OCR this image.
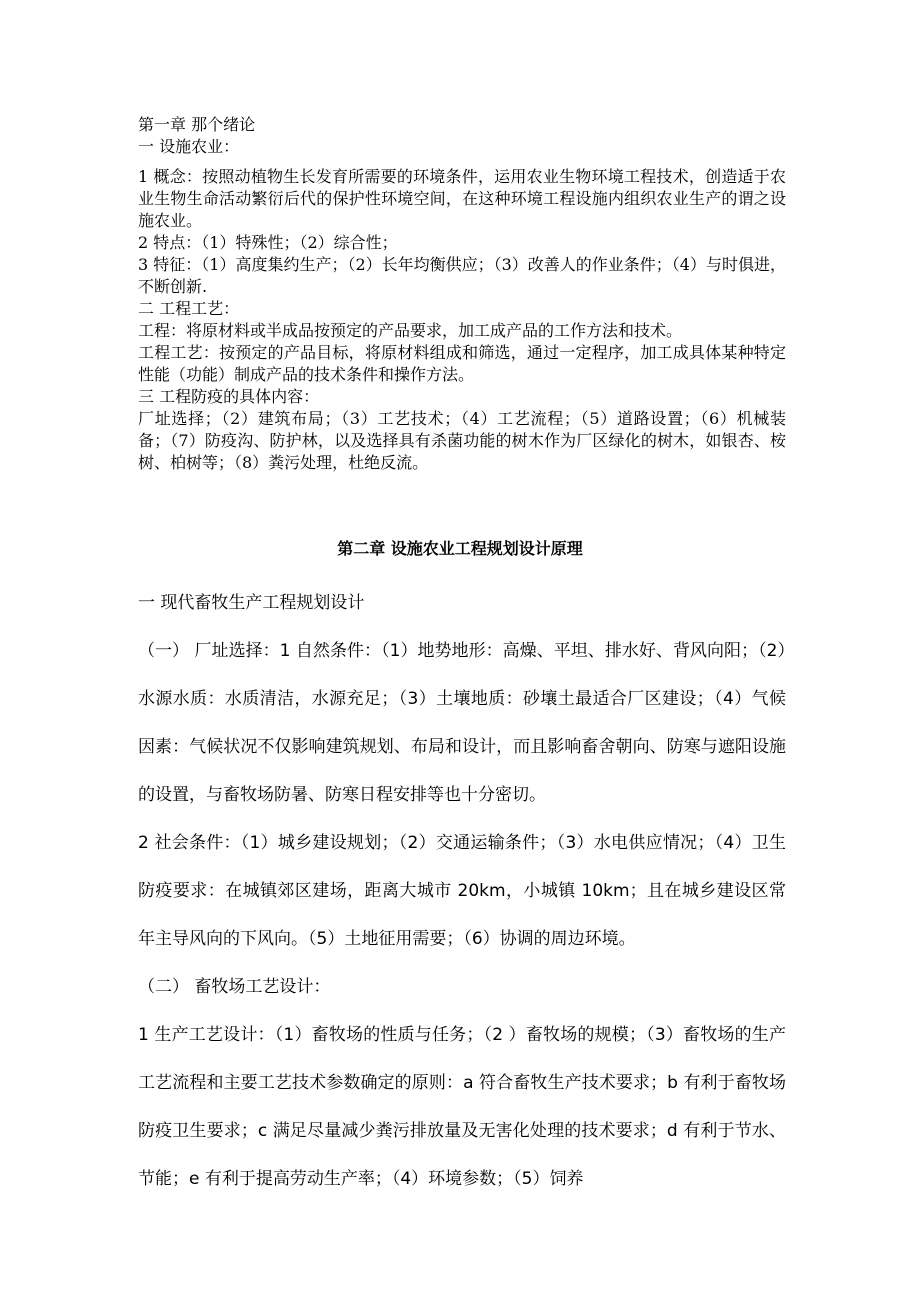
第一章 那个绪论

一 设施农业：

1 概念：按照动植物生长发育所需要的环境条件，运用农业生物环境工程技术，创造适于农业生物生命活动繁衍后代的保护性环境空间，在这种环境工程设施内组织农业生产的谓之设施农业。

2 特点：（1）特殊性；（2）综合性；

3 特征：（1）高度集约生产；（2）长年均衡供应；（3）改善人的作业条件；（4）与时俱进，不断创新.

二 工程工艺：

工程：将原材料或半成品按预定的产品要求，加工成产品的工作方法和技术。

工程工艺：按预定的产品目标，将原材料组成和筛选，通过一定程序，加工成具体某种特定性能（功能）制成产品的技术条件和操作方法。

三 工程防疫的具体内容：

厂址选择；（2）建筑布局；（3）工艺技术；（4）工艺流程；（5）道路设置；（6）机械装备；（7）防疫沟、防护林，以及选择具有杀菌功能的树木作为厂区绿化的树木，如银杏、桉树、柏树等；（8）粪污处理，杜绝反流。

第二章 设施农业工程规划设计原理

一 现代畜牧生产工程规划设计

（一） 厂址选择：1 自然条件：（1）地势地形：高燥、平坦、排水好、背风向阳；（2）水源水质：水质清洁，水源充足；（3）土壤地质：砂壤土最适合厂区建设；（4）气候因素：气候状况不仅影响建筑规划、布局和设计，而且影响畜舍朝向、防寒与遮阳设施的设置，与畜牧场防暑、防寒日程安排等也十分密切。

2 社会条件：（1）城乡建设规划；（2）交通运输条件；（3）水电供应情况；（4）卫生防疫要求：在城镇郊区建场，距离大城市 20km，小城镇 10km；且在城乡建设区常年主导风向的下风向。（5）土地征用需要；（6）协调的周边环境。

（二） 畜牧场工艺设计：

1 生产工艺设计：（1）畜牧场的性质与任务；（2 ）畜牧场的规模；（3）畜牧场的生产工艺流程和主要工艺技术参数确定的原则：a 符合畜牧生产技术要求；b 有利于畜牧场防疫卫生要求；c 满足尽量减少粪污排放量及无害化处理的技术要求；d 有利于节水、节能；e 有利于提高劳动生产率；（4）环境参数；（5）饲养
